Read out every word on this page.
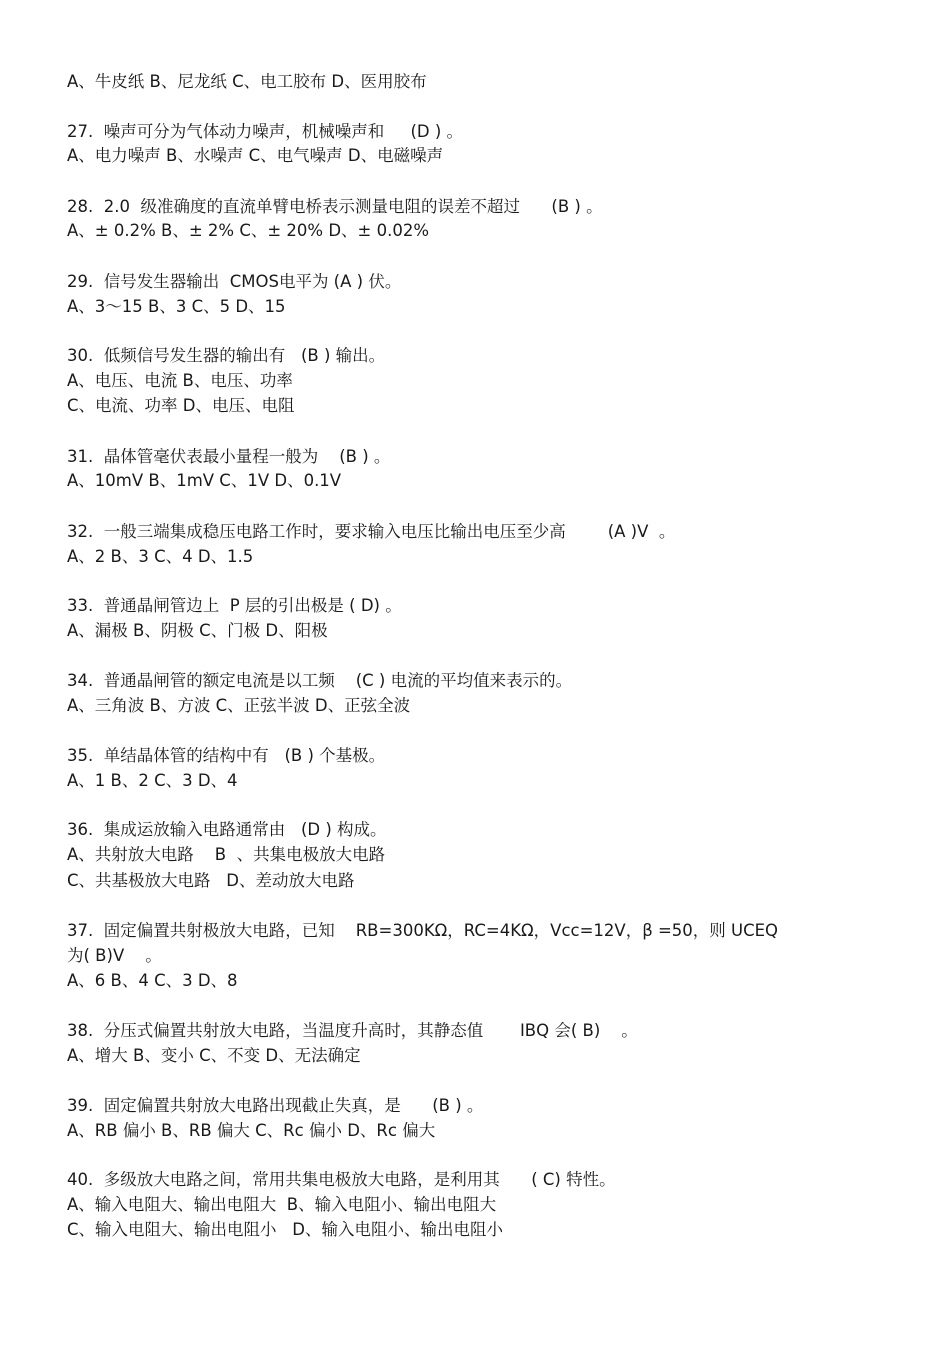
A、牛皮纸 B、尼龙纸 C、电工胶布 D、医用胶布
27.  噪声可分为气体动力噪声，机械噪声和     (D ) 。
A、电力噪声 B、水噪声 C、电气噪声 D、电磁噪声
28.  2.0  级准确度的直流单臂电桥表示测量电阻的误差不超过      (B ) 。
A、± 0.2% B、± 2% C、± 20% D、± 0.02%
29.  信号发生器输出  CMOS电平为 (A ) 伏。
A、3～15 B、3 C、5 D、15
30.  低频信号发生器的输出有   (B ) 输出。
A、电压、电流 B、电压、功率
C、电流、功率 D、电压、电阻
31.  晶体管毫伏表最小量程一般为    (B ) 。
A、10mV B、1mV C、1V D、0.1V
32.  一般三端集成稳压电路工作时，要求输入电压比输出电压至少高        (A )V  。
A、2 B、3 C、4 D、1.5
33.  普通晶闸管边上  P 层的引出极是 ( D) 。
A、漏极 B、阴极 C、门极 D、阳极
34.  普通晶闸管的额定电流是以工频    (C ) 电流的平均值来表示的。
A、三角波 B、方波 C、正弦半波 D、正弦全波
35.  单结晶体管的结构中有   (B ) 个基极。
A、1 B、2 C、3 D、4
36.  集成运放输入电路通常由   (D ) 构成。
A、共射放大电路    B  、共集电极放大电路
C、共基极放大电路   D、差动放大电路
37.  固定偏置共射极放大电路，已知    RB=300KΩ，RC=4KΩ，Vcc=12V，β =50，则 UCEQ
为( B)V    。
A、6 B、4 C、3 D、8
38.  分压式偏置共射放大电路，当温度升高时，其静态值       IBQ 会( B)    。
A、增大 B、变小 C、不变 D、无法确定
39.  固定偏置共射放大电路出现截止失真，是      (B ) 。
A、RB 偏小 B、RB 偏大 C、Rc 偏小 D、Rc 偏大
40.  多级放大电路之间，常用共集电极放大电路，是利用其      ( C) 特性。
A、输入电阻大、输出电阻大  B、输入电阻小、输出电阻大
C、输入电阻大、输出电阻小   D、输入电阻小、输出电阻小
